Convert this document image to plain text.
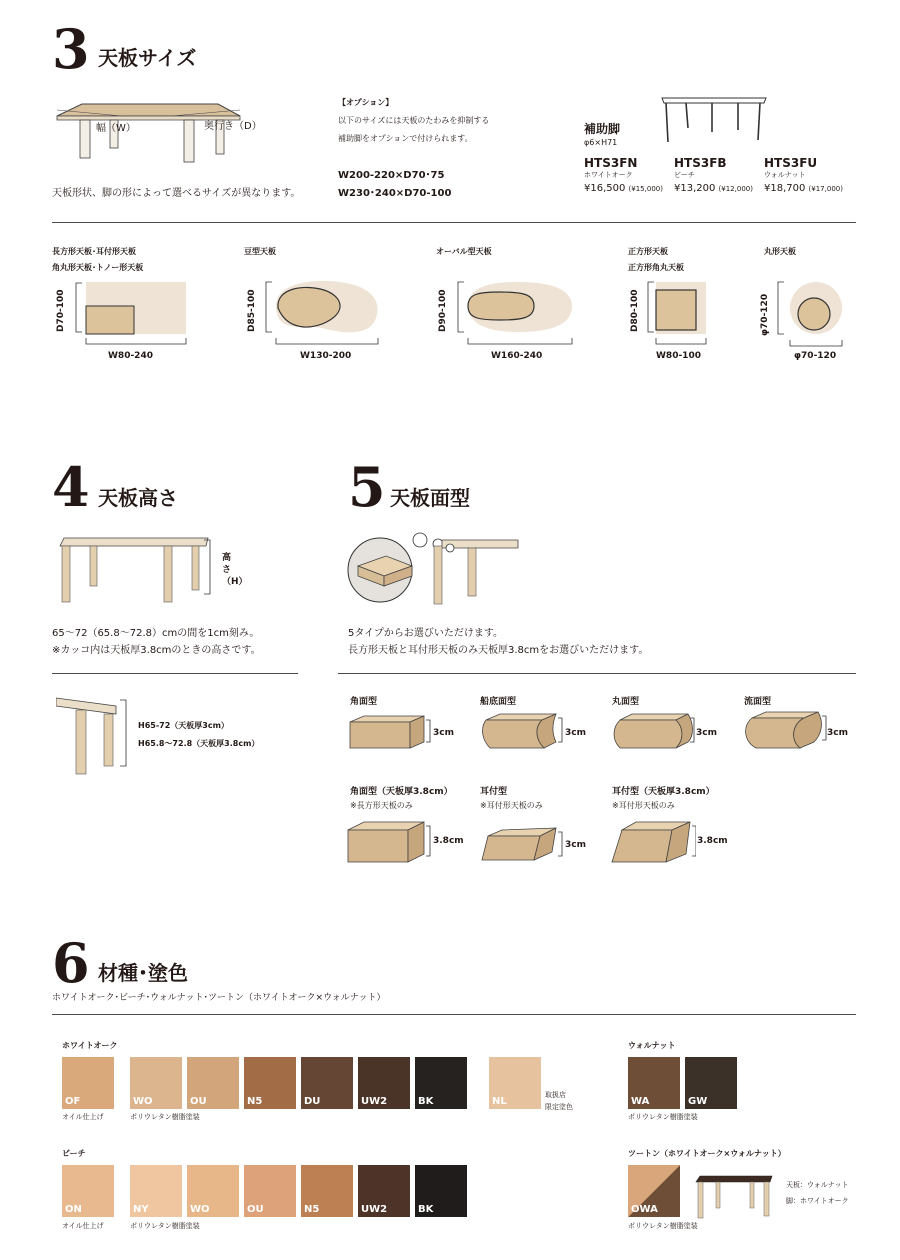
3 天板サイズ
幅（W）	奥行き（D）
天板形状、脚の形によって選べるサイズが異なります。
【オプション】
以下のサイズには天板のたわみを抑制する
補助脚をオプションで付けられます。
W200-220×D70･75
W230･240×D70-100
補助脚
φ6×H71
HTS3FN
ホワイトオーク
¥16,500 (¥15,000)
HTS3FB
ビーチ
¥13,200 (¥12,000)
HTS3FU
ウォルナット
¥18,700 (¥17,000)
長方形天板･耳付形天板
角丸形天板･トノー形天板
D70-100
W80-240
豆型天板
D85-100
W130-200
オーバル型天板
D90-100
W160-240
正方形天板
正方形角丸天板
D80-100
W80-100
丸形天板
φ70-120
φ70-120
4 天板高さ
高さ（H）
65～72（65.8～72.8）cmの間を1cm刻み。
※カッコ内は天板厚3.8cmのときの高さです。
H65-72（天板厚3cm）
H65.8～72.8（天板厚3.8cm）
5 天板面型
5タイプからお選びいただけます。
長方形天板と耳付形天板のみ天板厚3.8cmをお選びいただけます。
角面型
3cm
船底面型
3cm
丸面型
3cm
流面型
3cm
角面型（天板厚3.8cm）
※長方形天板のみ
3.8cm
耳付型
※耳付形天板のみ
3cm
耳付型（天板厚3.8cm）
※耳付形天板のみ
3.8cm
6 材種･塗色
ホワイトオーク･ビーチ･ウォルナット･ツートン（ホワイトオーク×ウォルナット）
ホワイトオーク
OF	WO	OU	N5	DU	UW2	BK	NL
オイル仕上げ	ポリウレタン樹脂塗装
取扱店
限定塗色
ウォルナット
WA	GW
ポリウレタン樹脂塗装
ビーチ
ON	NY	WO	OU	N5	UW2	BK
オイル仕上げ	ポリウレタン樹脂塗装
ツートン（ホワイトオーク×ウォルナット）
OWA
天板：ウォルナット
脚：ホワイトオーク
ポリウレタン樹脂塗装
